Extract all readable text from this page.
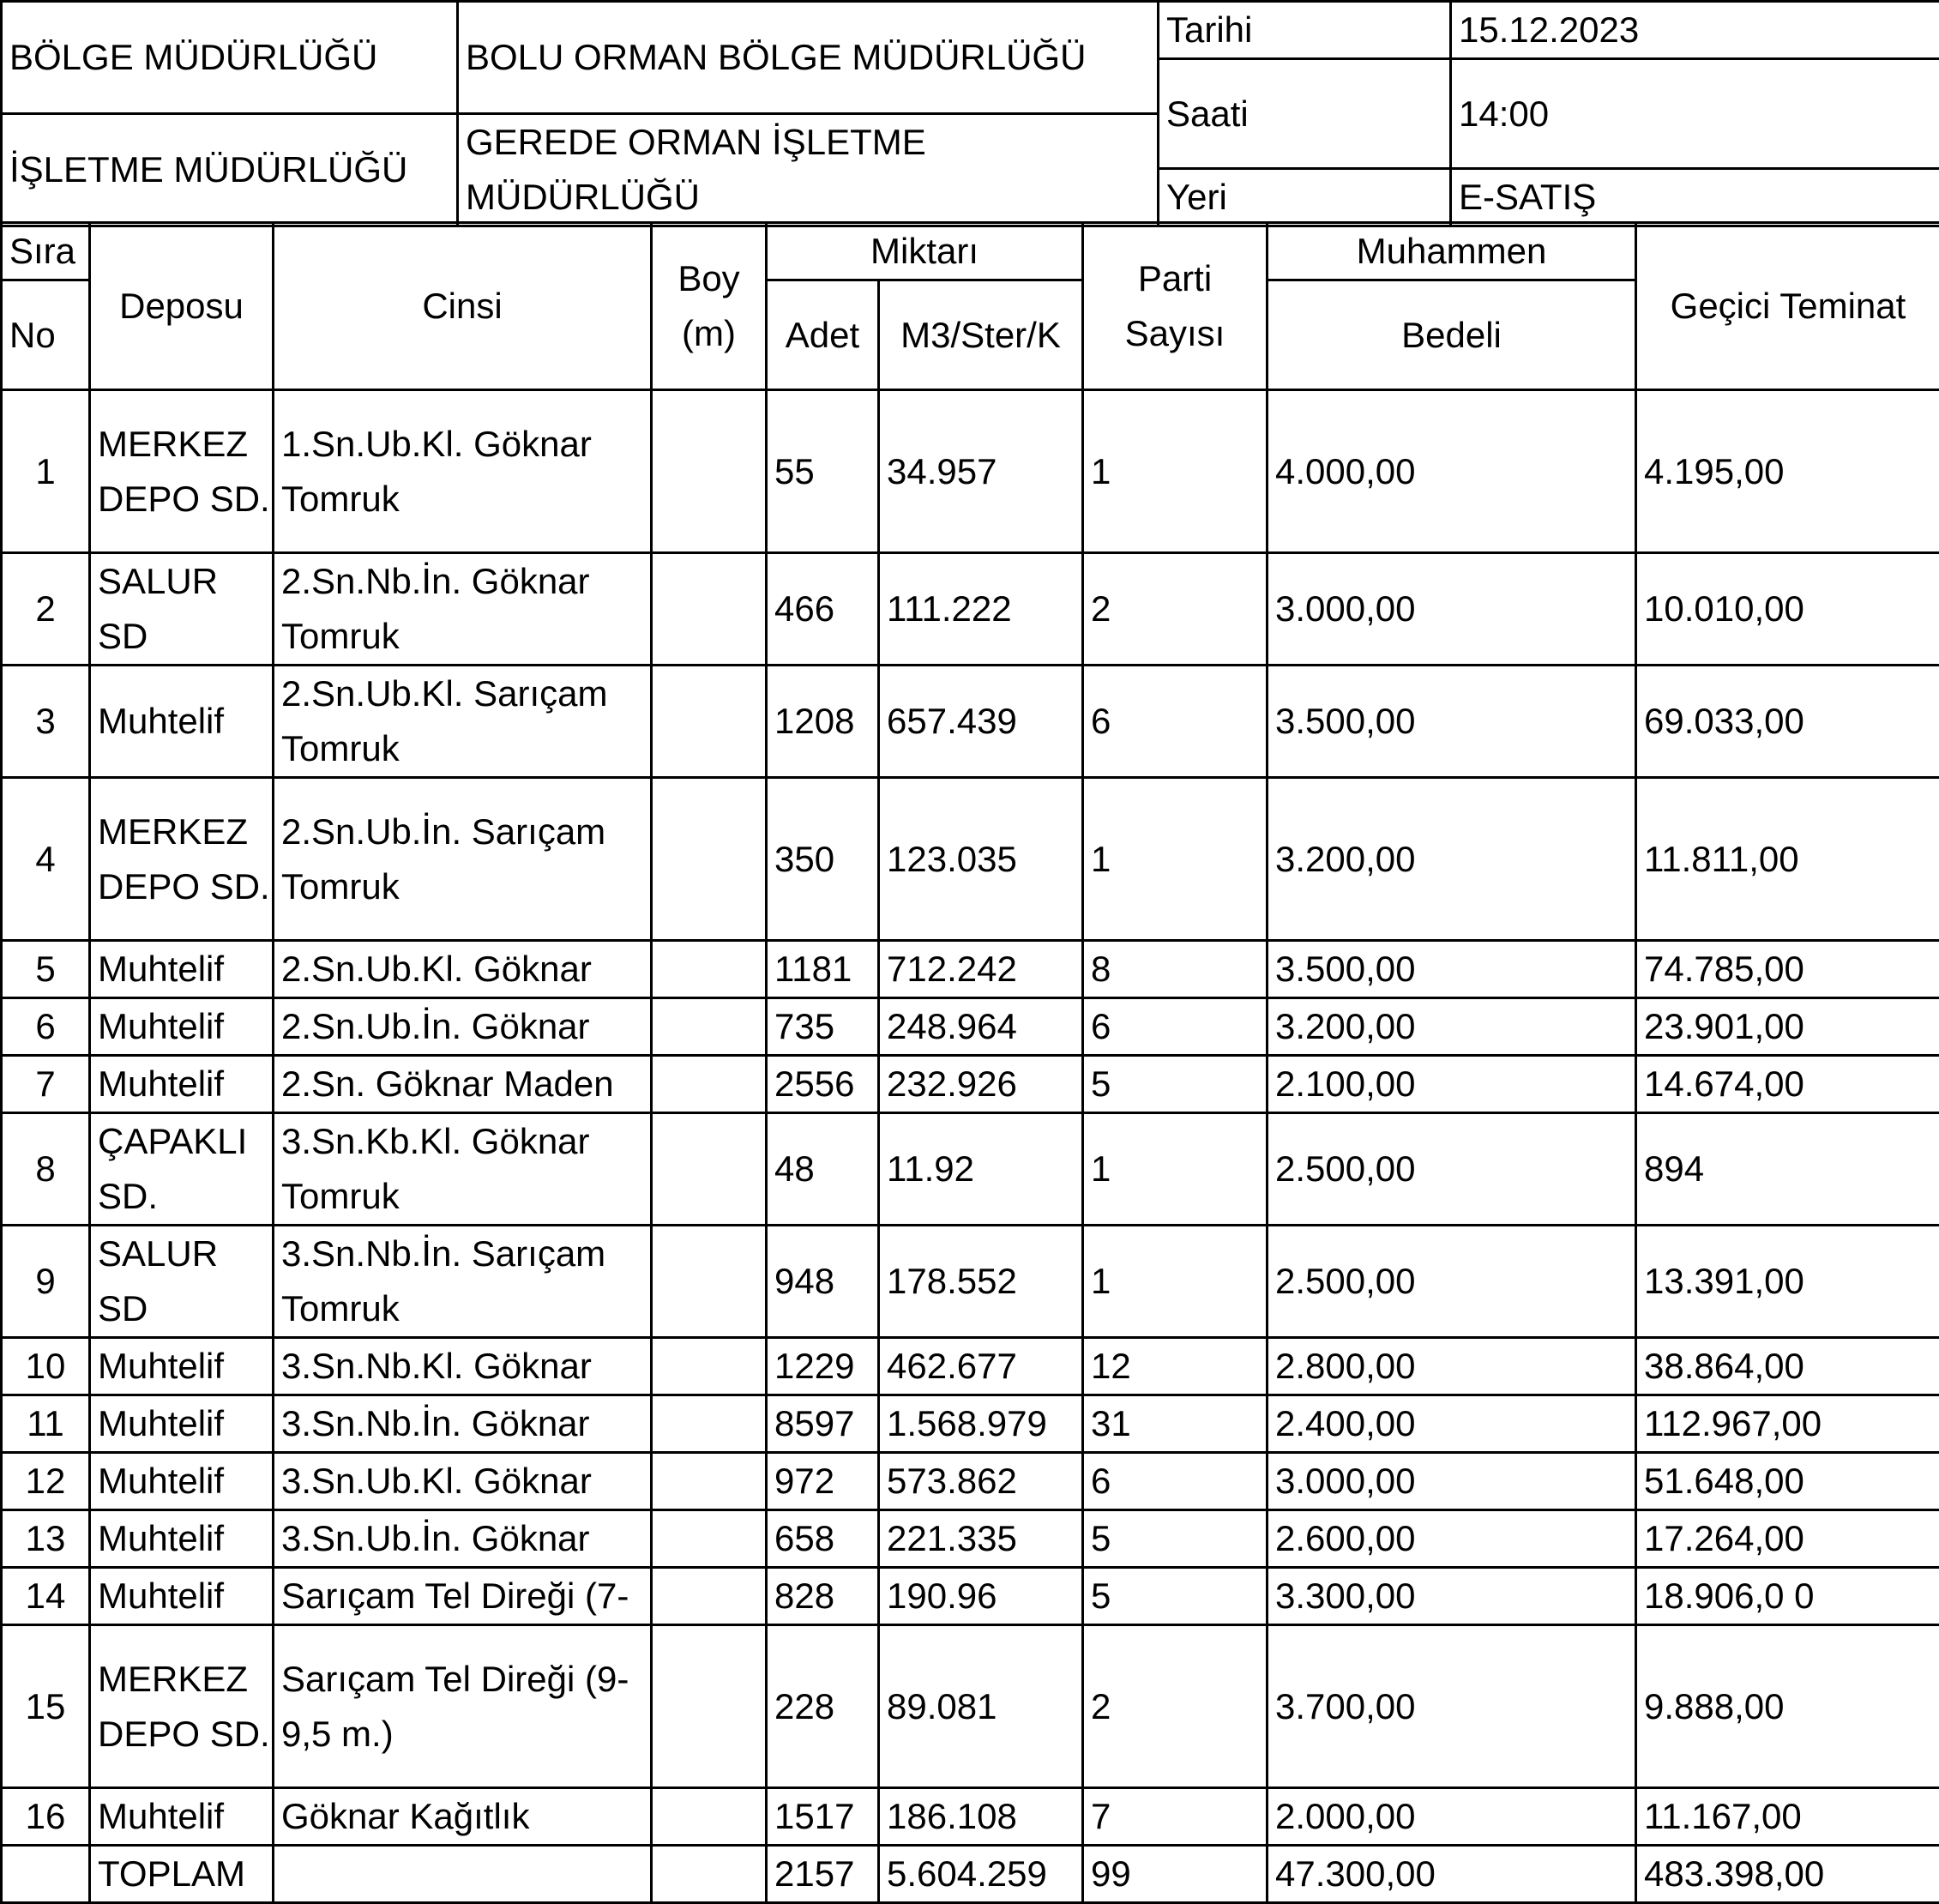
BÖLGE MÜDÜRLÜĞÜ	BOLU ORMAN BÖLGE MÜDÜRLÜĞÜ	Tarihi	15.12.2023
		Saati	14:00
İŞLETME MÜDÜRLÜĞÜ	GEREDE ORMAN İŞLETME MÜDÜRLÜĞÜ		
		Yeri	E-SATIŞ
Sıra	Deposu	Cinsi	Boy (m)	Miktarı		Parti Sayısı	Muhammen	Geçici Teminat
No				Adet	M3/Ster/K		Bedeli	
1	MERKEZ DEPO SD.	1.Sn.Ub.Kl. Göknar Tomruk		55	34.957	1	4.000,00	4.195,00
2	SALUR SD	2.Sn.Nb.İn. Göknar Tomruk		466	111.222	2	3.000,00	10.010,00
3	Muhtelif	2.Sn.Ub.Kl. Sarıçam Tomruk		1208	657.439	6	3.500,00	69.033,00
4	MERKEZ DEPO SD.	2.Sn.Ub.İn. Sarıçam Tomruk		350	123.035	1	3.200,00	11.811,00
5	Muhtelif	2.Sn.Ub.Kl. Göknar		1181	712.242	8	3.500,00	74.785,00
6	Muhtelif	2.Sn.Ub.İn. Göknar		735	248.964	6	3.200,00	23.901,00
7	Muhtelif	2.Sn. Göknar Maden		2556	232.926	5	2.100,00	14.674,00
8	ÇAPAKLI SD.	3.Sn.Kb.Kl. Göknar Tomruk		48	11.92	1	2.500,00	894
9	SALUR SD	3.Sn.Nb.İn. Sarıçam Tomruk		948	178.552	1	2.500,00	13.391,00
10	Muhtelif	3.Sn.Nb.Kl. Göknar		1229	462.677	12	2.800,00	38.864,00
11	Muhtelif	3.Sn.Nb.İn. Göknar		8597	1.568.979	31	2.400,00	112.967,00
12	Muhtelif	3.Sn.Ub.Kl. Göknar		972	573.862	6	3.000,00	51.648,00
13	Muhtelif	3.Sn.Ub.İn. Göknar		658	221.335	5	2.600,00	17.264,00
14	Muhtelif	Sarıçam Tel Direği (7-		828	190.96	5	3.300,00	18.906,0 0
15	MERKEZ DEPO SD.	Sarıçam Tel Direği (9-9,5 m.)		228	89.081	2	3.700,00	9.888,00
16	Muhtelif	Göknar Kağıtlık		1517	186.108	7	2.000,00	11.167,00
	TOPLAM			2157	5.604.259	99	47.300,00	483.398,00
